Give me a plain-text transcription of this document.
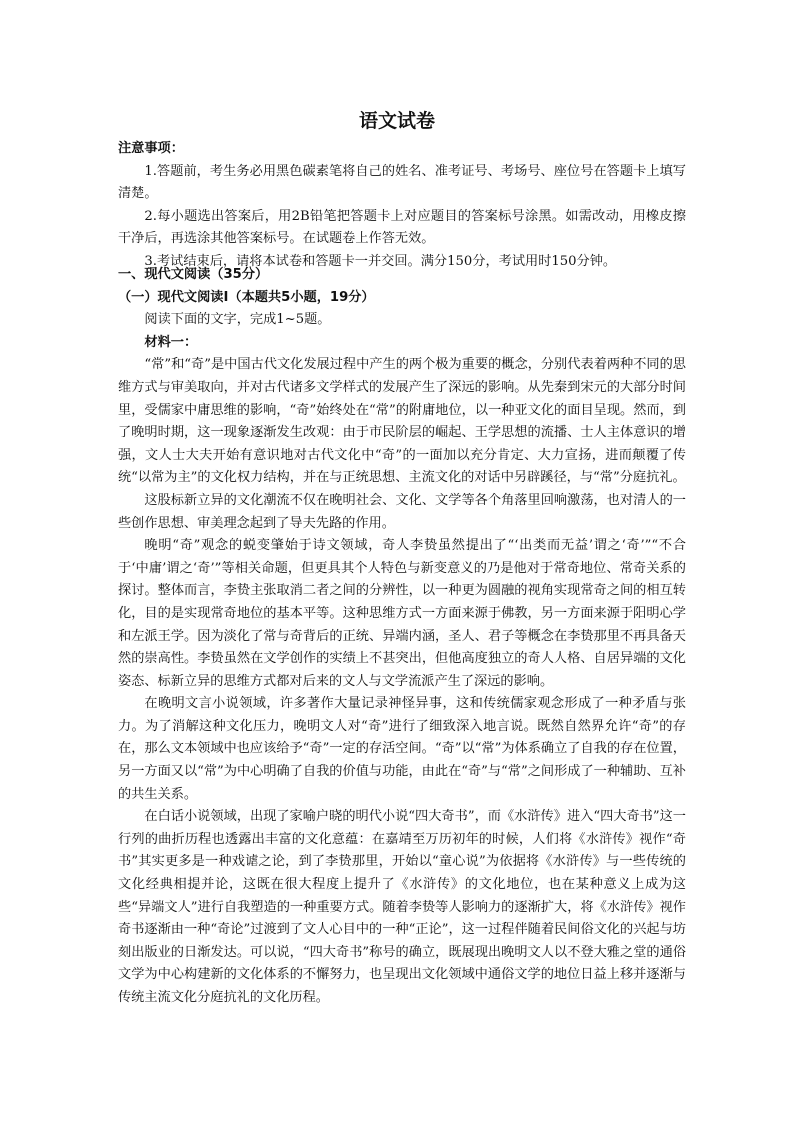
语文试卷

注意事项：

1.答题前，考生务必用黑色碳素笔将自己的姓名、准考证号、考场号、座位号在答题卡上填写清楚。

2.每小题选出答案后，用2B铅笔把答题卡上对应题目的答案标号涂黑。如需改动，用橡皮擦干净后，再选涂其他答案标号。在试题卷上作答无效。

3.考试结束后，请将本试卷和答题卡一并交回。满分150分，考试用时150分钟。

一、现代文阅读（35分）

（一）现代文阅读Ⅰ（本题共5小题，19分）

阅读下面的文字，完成1~5题。

材料一：

“常”和“奇”是中国古代文化发展过程中产生的两个极为重要的概念，分别代表着两种不同的思维方式与审美取向，并对古代诸多文学样式的发展产生了深远的影响。从先秦到宋元的大部分时间里，受儒家中庸思维的影响，“奇”始终处在“常”的附庸地位，以一种亚文化的面目呈现。然而，到了晚明时期，这一现象逐渐发生改观：由于市民阶层的崛起、王学思想的流播、士人主体意识的增强，文人士大夫开始有意识地对古代文化中“奇”的一面加以充分肯定、大力宣扬，进而颠覆了传统“以常为主”的文化权力结构，并在与正统思想、主流文化的对话中另辟蹊径，与“常”分庭抗礼。

这股标新立异的文化潮流不仅在晚明社会、文化、文学等各个角落里回响激荡，也对清人的一些创作思想、审美理念起到了导夫先路的作用。

晚明“奇”观念的蜕变肇始于诗文领域，奇人李贽虽然提出了“‘出类而无益’谓之‘奇’”“不合于‘中庸’谓之‘奇’”等相关命题，但更具其个人特色与新变意义的乃是他对于常奇地位、常奇关系的探讨。整体而言，李贽主张取消二者之间的分辨性，以一种更为圆融的视角实现常奇之间的相互转化，目的是实现常奇地位的基本平等。这种思维方式一方面来源于佛教，另一方面来源于阳明心学和左派王学。因为淡化了常与奇背后的正统、异端内涵，圣人、君子等概念在李贽那里不再具备天然的崇高性。李贽虽然在文学创作的实绩上不甚突出，但他高度独立的奇人人格、自居异端的文化姿态、标新立异的思维方式都对后来的文人与文学流派产生了深远的影响。

在晚明文言小说领域，许多著作大量记录神怪异事，这和传统儒家观念形成了一种矛盾与张力。为了消解这种文化压力，晚明文人对“奇”进行了细致深入地言说。既然自然界允许“奇”的存在，那么文本领域中也应该给予“奇”一定的存活空间。“奇”以“常”为体系确立了自我的存在位置，另一方面又以“常”为中心明确了自我的价值与功能，由此在“奇”与“常”之间形成了一种辅助、互补的共生关系。

在白话小说领域，出现了家喻户晓的明代小说“四大奇书”，而《水浒传》进入“四大奇书”这一行列的曲折历程也透露出丰富的文化意蕴：在嘉靖至万历初年的时候，人们将《水浒传》视作“奇书”其实更多是一种戏谑之论，到了李贽那里，开始以“童心说”为依据将《水浒传》与一些传统的文化经典相提并论，这既在很大程度上提升了《水浒传》的文化地位，也在某种意义上成为这些“异端文人”进行自我塑造的一种重要方式。随着李贽等人影响力的逐渐扩大，将《水浒传》视作奇书逐渐由一种“奇论”过渡到了文人心目中的一种“正论”，这一过程伴随着民间俗文化的兴起与坊刻出版业的日渐发达。可以说，“四大奇书”称号的确立，既展现出晚明文人以不登大雅之堂的通俗文学为中心构建新的文化体系的不懈努力，也呈现出文化领域中通俗文学的地位日益上移并逐渐与传统主流文化分庭抗礼的文化历程。
